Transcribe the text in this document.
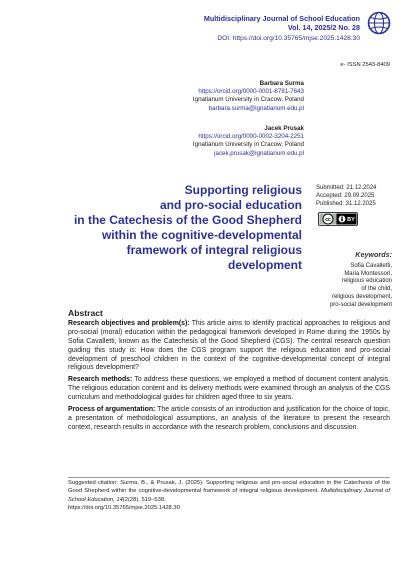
Multidisciplinary Journal of School Education
Vol. 14, 2025/2 No. 28
DOI: https://doi.org/10.35765/mjse.2025.1428.30
e- ISSN 2543-8409
Barbara Surma
https://orcid.org/0000-0001-8781-7643
Ignatianum University in Cracow, Poland
barbara.surma@ignatianum.edu.pl
Jacek Prusak
https://orcid.org/0000-0002-3204-2251
Ignatianum University in Cracow, Poland
jacek.prusak@ignatianum.edu.pl
Supporting religious
and pro-social education
in the Catechesis of the Good Shepherd
within the cognitive-developmental
framework of integral religious
development
Submitted: 21.12.2024
Accepted: 29.09.2025
Published: 31.12.2025
cc	BY
Keywords:
Sofia Cavalletti,
Maria Montessori,
religious education
of the child,
religious development,
pro-social development
Abstract

Research objectives and problem(s): This article aims to identify practical approaches to religious and pro-social (moral) education within the pedagogical framework developed in Rome during the 1950s by Sofia Cavalletti, known as the Catechesis of the Good Shepherd (CGS). The central research question guiding this study is: How does the CGS program support the religious education and pro-social development of preschool children in the context of the cognitive-developmental concept of integral religious development?

Research methods: To address these questions, we employed a method of document content analysis. The religious education content and its delivery methods were examined through an analysis of the CGS curriculum and methodological guides for children aged three to six years.

Process of argumentation: The article consists of an introduction and justification for the choice of topic, a presentation of methodological assumptions, an analysis of the literature to present the research context, research results in accordance with the research problem, conclusions and discussion.

Suggested citation: Surma, B., & Prusak, J. (2025). Supporting religious and pro-social education in the Catechesis of the Good Shepherd within the cognitive-developmental framework of integral religious development. Multidisciplinary Journal of School Education, 14(2(28), 519–538.
https://doi.org/10.35765/mjse.2025.1428.30
